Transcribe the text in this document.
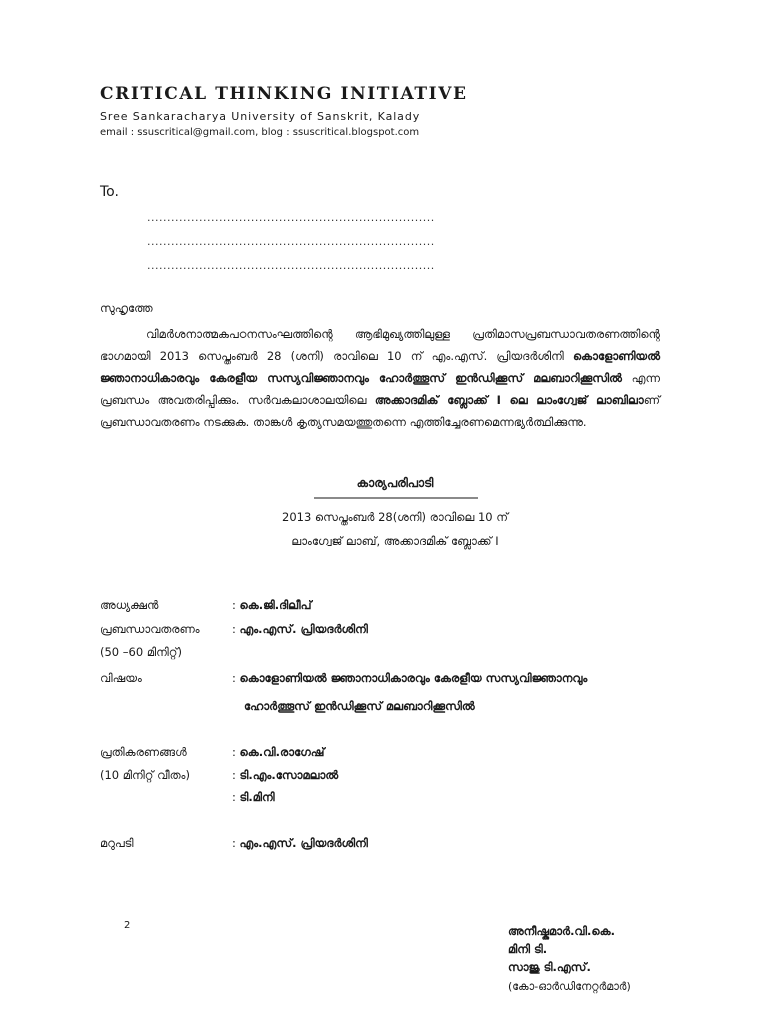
CRITICAL THINKING INITIATIVE
Sree Sankaracharya University of Sanskrit, Kalady
email : ssuscritical@gmail.com, blog : ssuscritical.blogspot.com
To.
........................................................................
........................................................................
........................................................................
സുഹൃത്തേ
വിമർശനാത്മകപഠനസംഘത്തിന്റെ ആഭിമുഖ്യത്തിലുള്ള പ്രതിമാസപ്രബന്ധാവതരണത്തിന്റെ ഭാഗമായി 2013 സെപ്തംബർ 28 (ശനി) രാവിലെ 10 ന് എം.എസ്. പ്രിയദർശിനി കൊളോണിയൽ ജ്ഞാനാധികാരവും കേരളീയ സസ്യവിജ്ഞാനവും ഹോർത്തൂസ് ഇൻഡിക്കൂസ് മലബാറിക്കൂസിൽ എന്ന പ്രബന്ധം അവതരിപ്പിക്കും. സർവകലാശാലയിലെ അക്കാദമിക് ബ്ലോക്ക് I ലെ ലാംഗ്വേജ് ലാബിലാണ് പ്രബന്ധാവതരണം നടക്കുക. താങ്കൾ കൃത്യസമയത്തുതന്നെ എത്തിച്ചേരണമെന്നഭ്യർത്ഥിക്കുന്നു.
കാര്യപരിപാടി
2013 സെപ്തംബർ 28(ശനി) രാവിലെ 10 ന്
ലാംഗ്വേജ് ലാബ്, അക്കാദമിക് ബ്ലോക്ക് I
അധ്യക്ഷൻ	: കെ.ജി.ദിലീപ്
പ്രബന്ധാവതരണം	: എം.എസ്. പ്രിയദർശിനി
(50 –60 മിനിറ്റ്)
വിഷയം	: കൊളോണിയൽ ജ്ഞാനാധികാരവും കേരളീയ സസ്യവിജ്ഞാനവും
ഹോർത്തൂസ് ഇൻഡിക്കൂസ് മലബാറിക്കൂസിൽ
പ്രതികരണങ്ങൾ	: കെ.വി.രാഗേഷ്
(10 മിനിറ്റ് വീതം)	: ടി.എം.സോമലാൽ
: ടി.മിനി
മറുപടി	: എം.എസ്. പ്രിയദർശിനി
2	അനീഷ്കുമാർ.വി.കെ.
മിനി ടി.
സാജു ടി.എസ്.
(കോ-ഓർഡിനേറ്റർമാർ)
